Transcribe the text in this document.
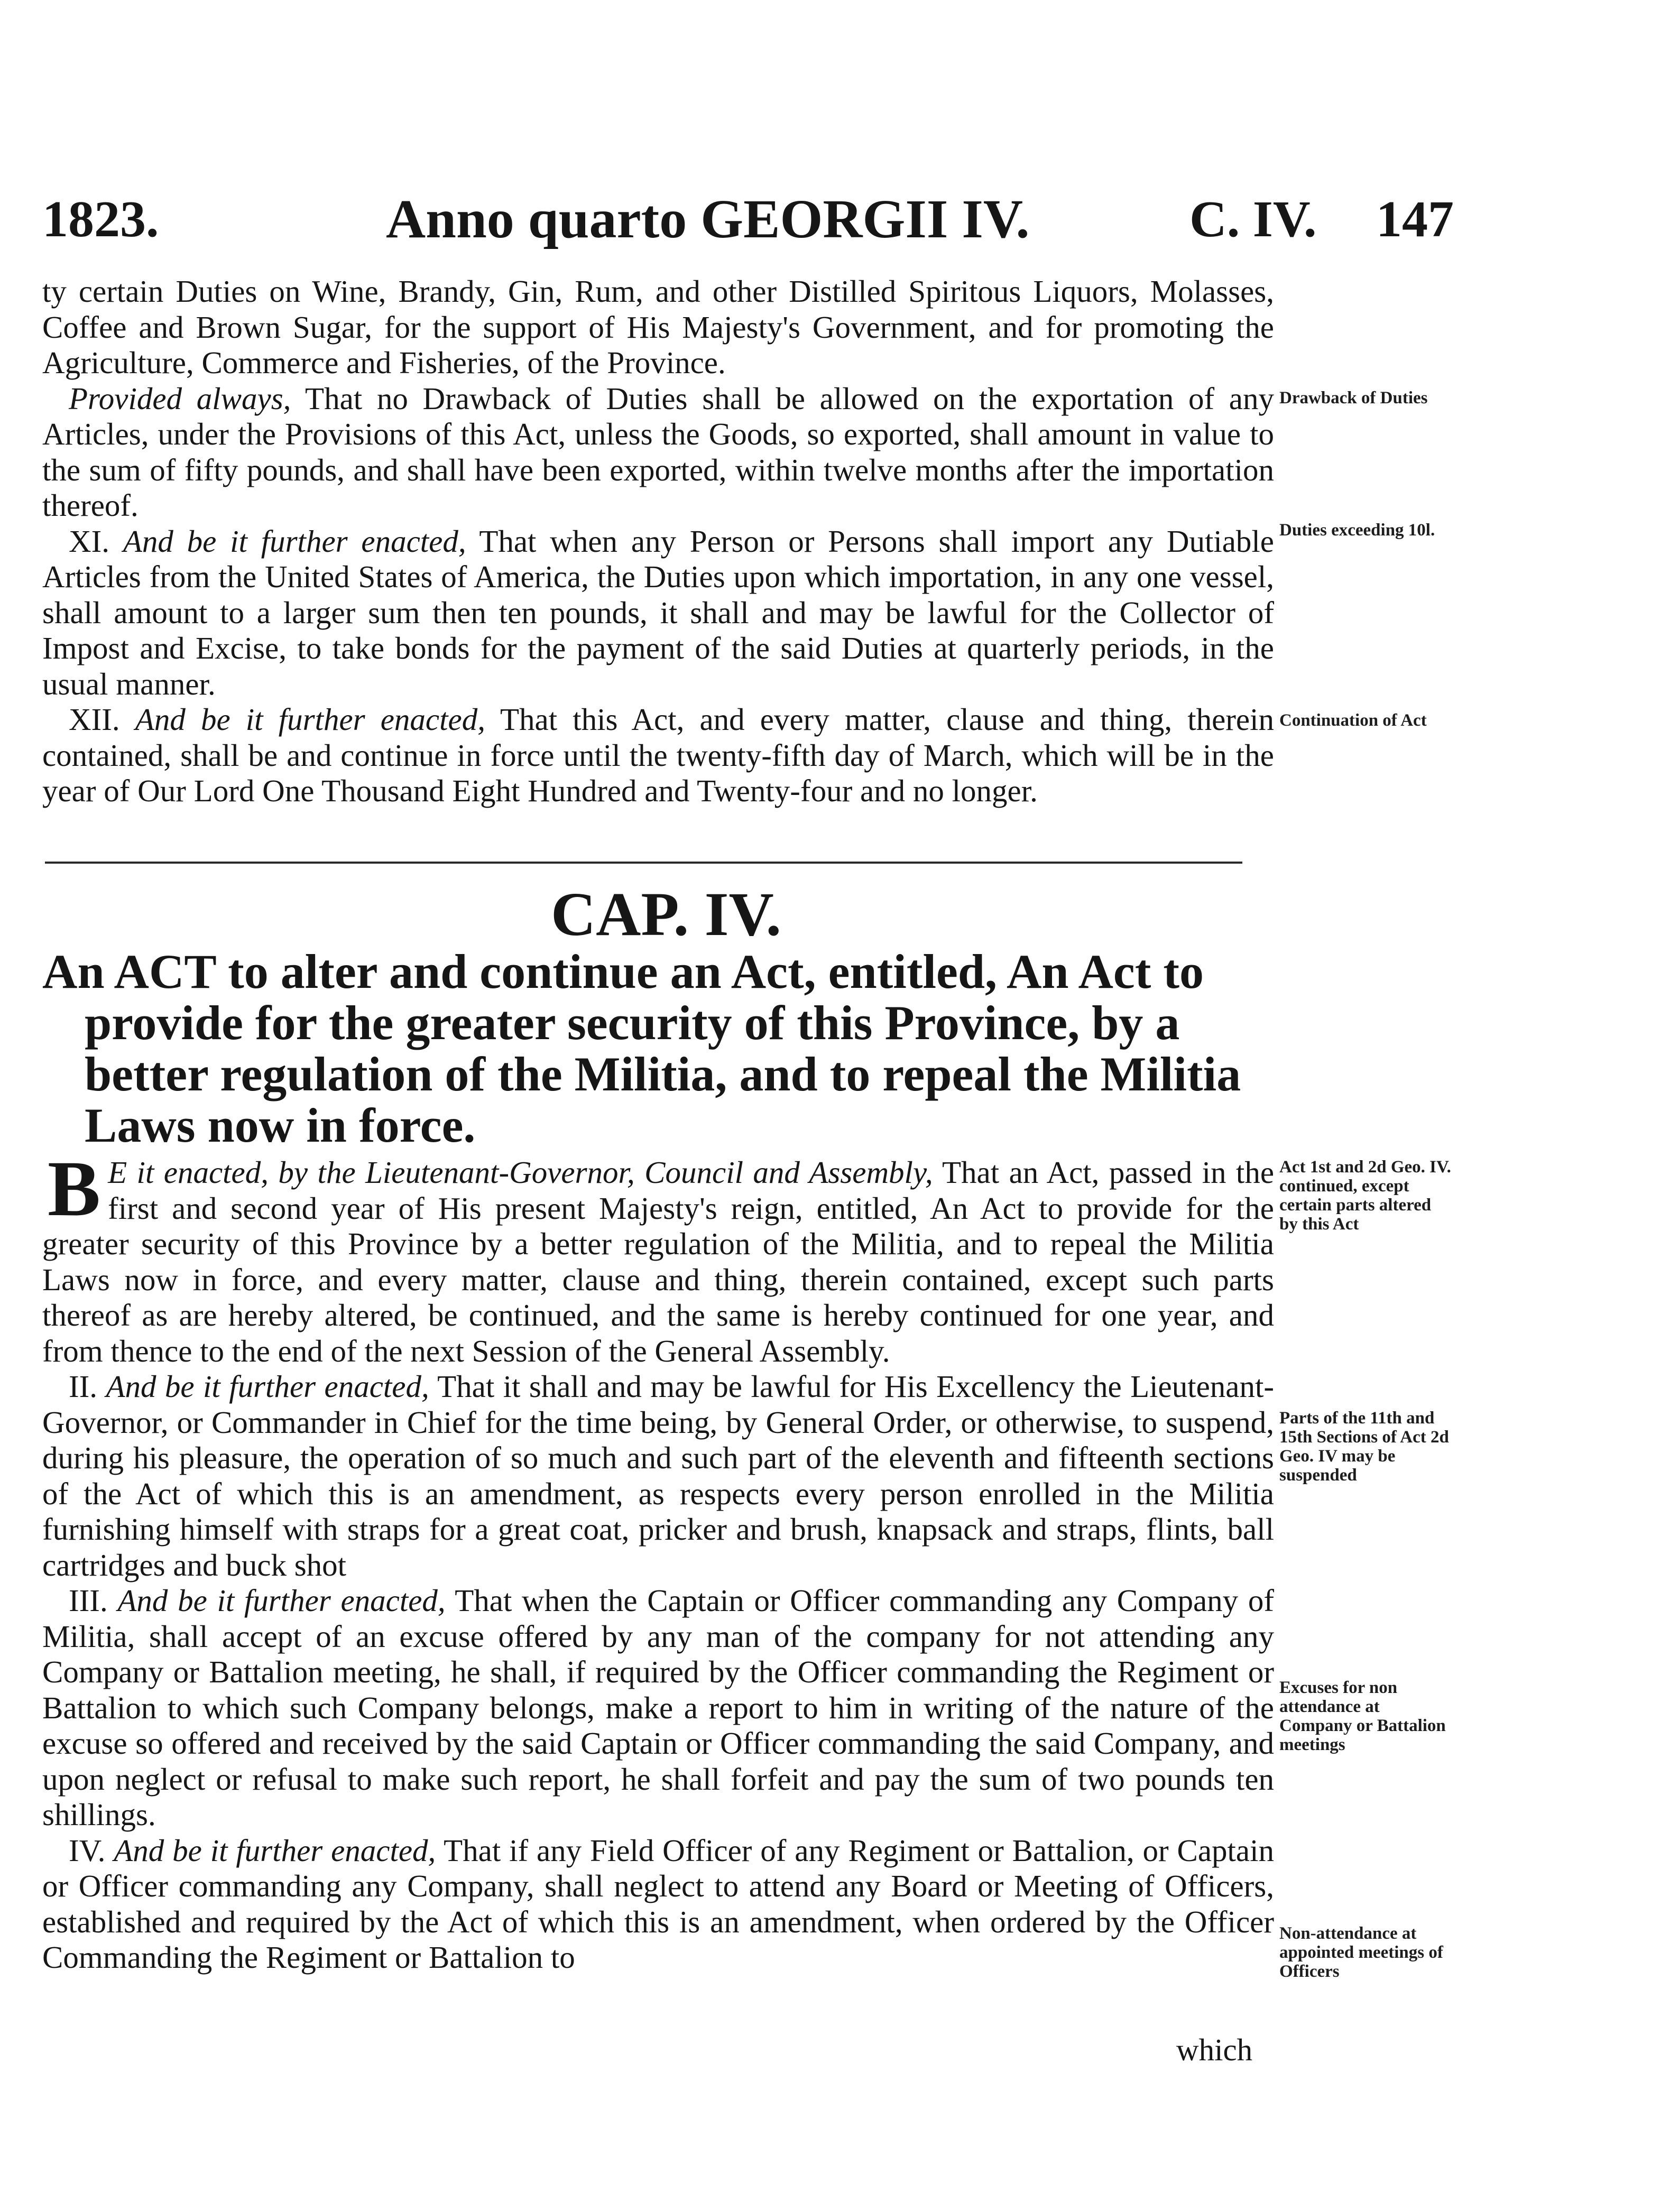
1823.	Anno quarto GEORGII IV.	C. IV. 147

ty certain Duties on Wine, Brandy, Gin, Rum, and other Distilled Spiritous Liquors, Molasses, Coffee and Brown Sugar, for the support of His Majesty's Government, and for promoting the Agriculture, Commerce and Fisheries, of the Province.

Provided always, That no Drawback of Duties shall be allowed on the exportation of any Articles, under the Provisions of this Act, unless the Goods, so exported, shall amount in value to the sum of fifty pounds, and shall have been exported, within twelve months after the importation thereof.

XI. And be it further enacted, That when any Person or Persons shall import any Dutiable Articles from the United States of America, the Duties upon which importation, in any one vessel, shall amount to a larger sum then ten pounds, it shall and may be lawful for the Collector of Impost and Excise, to take bonds for the payment of the said Duties at quarterly periods, in the usual manner.

XII. And be it further enacted, That this Act, and every matter, clause and thing, therein contained, shall be and continue in force until the twenty-fifth day of March, which will be in the year of Our Lord One Thousand Eight Hundred and Twenty-four and no longer.

Drawback of Duties
Duties exceeding 10l.
Continuation of Act
CAP. IV.
An ACT to alter and continue an Act, entitled, An Act to
provide for the greater security of this Province, by a
better regulation of the Militia, and to repeal the Militia
Laws now in force.

B E it enacted, by the Lieutenant-Governor, Council and Assembly, That an Act, passed in the first and second year of His present Majesty's reign, entitled, An Act to provide for the greater security of this Province by a better regulation of the Militia, and to repeal the Militia Laws now in force, and every matter, clause and thing, therein contained, except such parts thereof as are hereby altered, be continued, and the same is hereby continued for one year, and from thence to the end of the next Session of the General Assembly.

II. And be it further enacted, That it shall and may be lawful for His Excellency the Lieutenant-Governor, or Commander in Chief for the time being, by General Order, or otherwise, to suspend, during his pleasure, the operation of so much and such part of the eleventh and fifteenth sections of the Act of which this is an amendment, as respects every person enrolled in the Militia furnishing himself with straps for a great coat, pricker and brush, knapsack and straps, flints, ball cartridges and buck shot

III. And be it further enacted, That when the Captain or Officer commanding any Company of Militia, shall accept of an excuse offered by any man of the company for not attending any Company or Battalion meeting, he shall, if required by the Officer commanding the Regiment or Battalion to which such Company belongs, make a report to him in writing of the nature of the excuse so offered and received by the said Captain or Officer commanding the said Company, and upon neglect or refusal to make such report, he shall forfeit and pay the sum of two pounds ten shillings.

IV. And be it further enacted, That if any Field Officer of any Regiment or Battalion, or Captain or Officer commanding any Company, shall neglect to attend any Board or Meeting of Officers, established and required by the Act of which this is an amendment, when ordered by the Officer Commanding the Regiment or Battalion to

which
Act 1st and 2d Geo. IV. continued, except certain parts altered by this Act
Parts of the 11th and 15th Sections of Act 2d Geo. IV may be suspended
Excuses for non attendance at Company or Battalion meetings
Non-attendance at appointed meetings of Officers
